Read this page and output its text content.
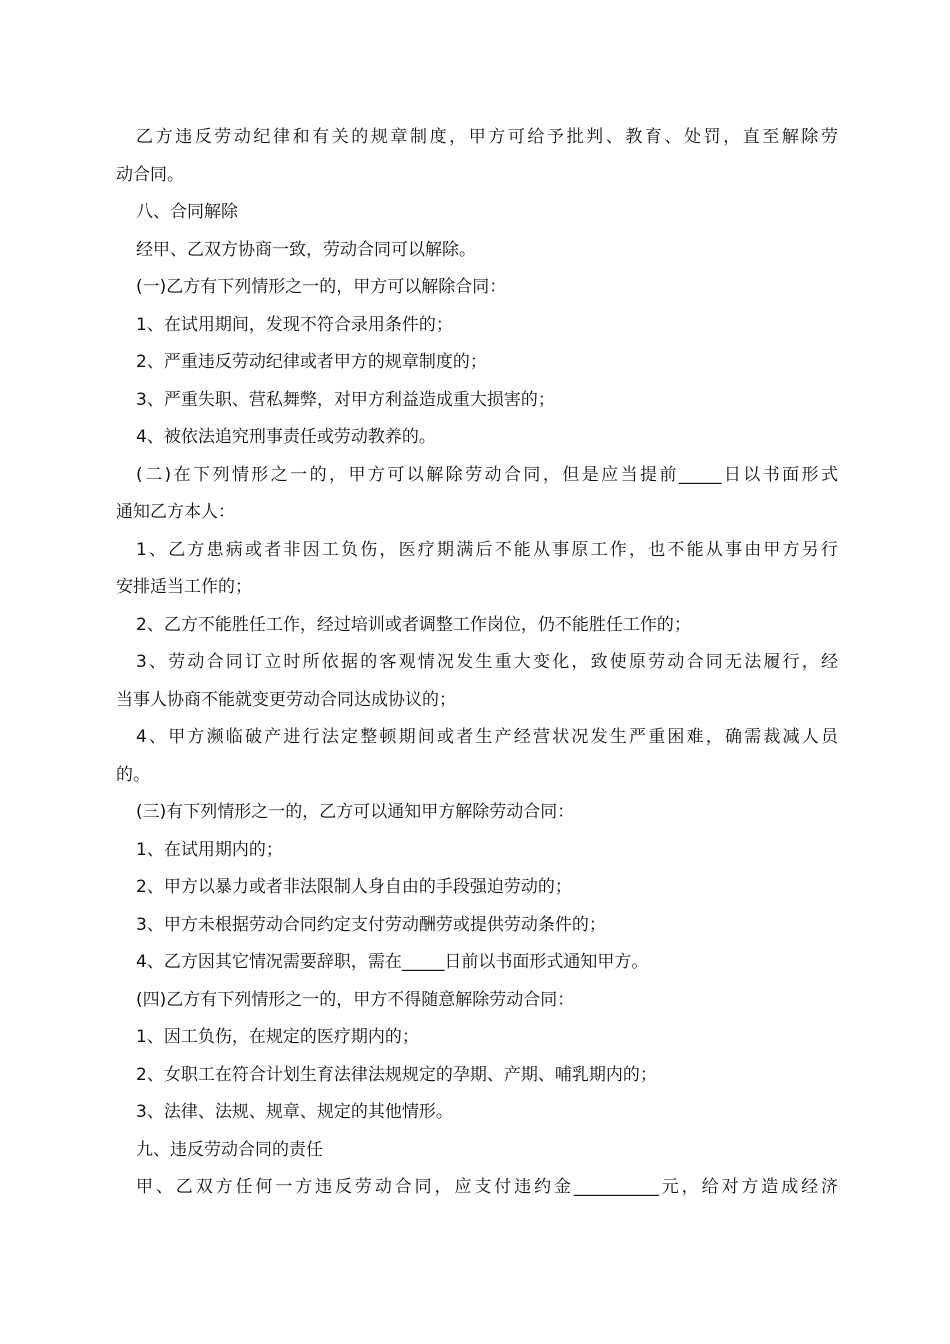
乙方违反劳动纪律和有关的规章制度，甲方可给予批判、教育、处罚，直至解除劳
动合同。
八、合同解除
经甲、乙双方协商一致，劳动合同可以解除。
(一)乙方有下列情形之一的，甲方可以解除合同：
1、在试用期间，发现不符合录用条件的；
2、严重违反劳动纪律或者甲方的规章制度的；
3、严重失职、营私舞弊，对甲方利益造成重大损害的；
4、被依法追究刑事责任或劳动教养的。
(二)在下列情形之一的，甲方可以解除劳动合同，但是应当提前_____日以书面形式
通知乙方本人：
1、乙方患病或者非因工负伤，医疗期满后不能从事原工作，也不能从事由甲方另行
安排适当工作的；
2、乙方不能胜任工作，经过培训或者调整工作岗位，仍不能胜任工作的；
3、劳动合同订立时所依据的客观情况发生重大变化，致使原劳动合同无法履行，经
当事人协商不能就变更劳动合同达成协议的；
4、甲方濒临破产进行法定整顿期间或者生产经营状况发生严重困难，确需裁减人员
的。
(三)有下列情形之一的，乙方可以通知甲方解除劳动合同：
1、在试用期内的；
2、甲方以暴力或者非法限制人身自由的手段强迫劳动的；
3、甲方未根据劳动合同约定支付劳动酬劳或提供劳动条件的；
4、乙方因其它情况需要辞职，需在_____日前以书面形式通知甲方。
(四)乙方有下列情形之一的，甲方不得随意解除劳动合同：
1、因工负伤，在规定的医疗期内的；
2、女职工在符合计划生育法律法规规定的孕期、产期、哺乳期内的；
3、法律、法规、规章、规定的其他情形。
九、违反劳动合同的责任
甲、乙双方任何一方违反劳动合同，应支付违约金__________元，给对方造成经济
